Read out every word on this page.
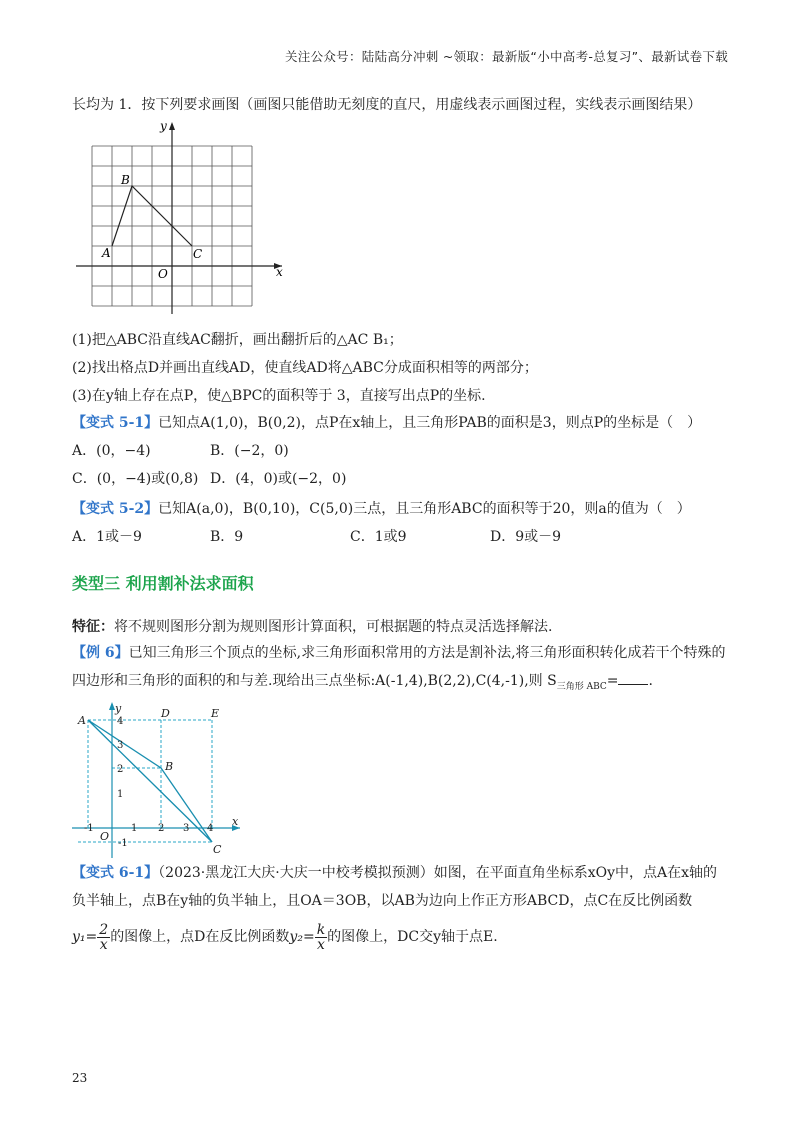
关注公众号：陆陆高分冲刺 ~领取：最新版“小中高考-总复习”、最新试卷下载
长均为 1．按下列要求画图（画图只能借助无刻度的直尺，用虚线表示画图过程，实线表示画图结果）
y
x
O
A
B
C
(1)把△ABC沿直线AC翻折，画出翻折后的△AC B₁；
(2)找出格点D并画出直线AD，使直线AD将△ABC分成面积相等的两部分；
(3)在y轴上存在点P，使△BPC的面积等于 3，直接写出点P的坐标.
【变式 5-1】已知点A(1,0)，B(0,2)，点P在x轴上，且三角形PAB的面积是3，则点P的坐标是（　）
A．(0，−4)	B．(−2，0)
C．(0，−4)或(0,8) D．(4，0)或(−2，0)
【变式 5-2】已知A(a,0)，B(0,10)，C(5,0)三点，且三角形ABC的面积等于20，则a的值为（　）
A．1或－9	B．9	C．1或9	D．9或－9
类型三 利用割补法求面积
特征：将不规则图形分割为规则图形计算面积，可根据题的特点灵活选择解法.
【例 6】已知三角形三个顶点的坐标,求三角形面积常用的方法是割补法,将三角形面积转化成若干个特殊的
四边形和三角形的面积的和与差.现给出三点坐标:A(-1,4),B(2,2),C(4,-1),则 $S_{三角形 ABC}=$ .
y
x
O
A
B
C
D	E
-1	1 2 3 4
4
3
2
1
-1
【变式 6-1】（2023·黑龙江大庆·大庆一中校考模拟预测）如图，在平面直角坐标系xOy中，点A在x轴的
负半轴上，点B在y轴的负半轴上，且OA＝3OB，以AB为边向上作正方形ABCD，点C在反比例函数
$y_1= \frac{2}{x}$ 的图像上，点D在反比例函数 $y_2= \frac{k}{x}$ 的图像上，DC交y轴于点E.
23
